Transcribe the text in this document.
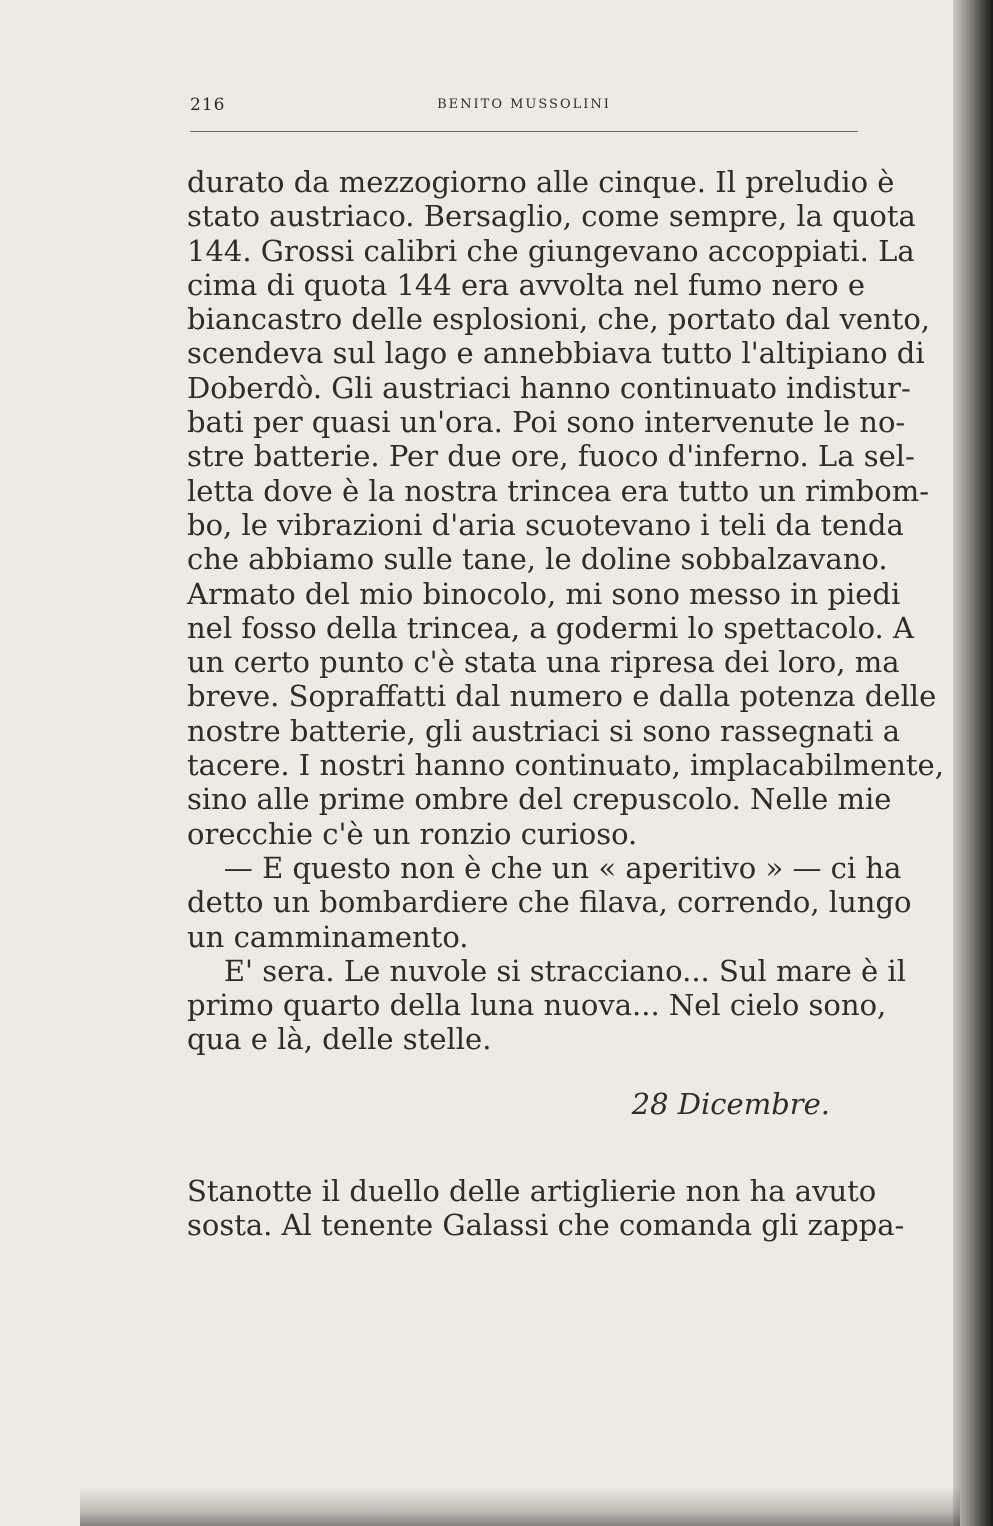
216	BENITO MUSSOLINI
durato da mezzogiorno alle cinque. Il preludio è
stato austriaco. Bersaglio, come sempre, la quota
144. Grossi calibri che giungevano accoppiati. La
cima di quota 144 era avvolta nel fumo nero e
biancastro delle esplosioni, che, portato dal vento,
scendeva sul lago e annebbiava tutto l'altipiano di
Doberdò. Gli austriaci hanno continuato indistur-
bati per quasi un'ora. Poi sono intervenute le no-
stre batterie. Per due ore, fuoco d'inferno. La sel-
letta dove è la nostra trincea era tutto un rimbom-
bo, le vibrazioni d'aria scuotevano i teli da tenda
che abbiamo sulle tane, le doline sobbalzavano.
Armato del mio binocolo, mi sono messo in piedi
nel fosso della trincea, a godermi lo spettacolo. A
un certo punto c'è stata una ripresa dei loro, ma
breve. Sopraffatti dal numero e dalla potenza delle
nostre batterie, gli austriaci si sono rassegnati a
tacere. I nostri hanno continuato, implacabilmente,
sino alle prime ombre del crepuscolo. Nelle mie
orecchie c'è un ronzio curioso.
— E questo non è che un « aperitivo » — ci ha
detto un bombardiere che filava, correndo, lungo
un camminamento.
E' sera. Le nuvole si stracciano... Sul mare è il
primo quarto della luna nuova... Nel cielo sono,
qua e là, delle stelle.
28 Dicembre.
Stanotte il duello delle artiglierie non ha avuto
sosta. Al tenente Galassi che comanda gli zappa-
